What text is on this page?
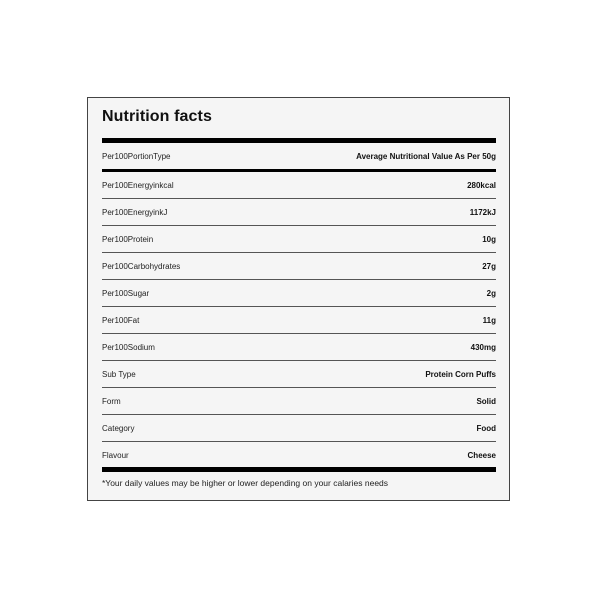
Nutrition facts
Per100PortionType	Average Nutritional Value As Per 50g
Per100Energyinkcal	280kcal
Per100EnergyinkJ	1172kJ
Per100Protein	10g
Per100Carbohydrates	27g
Per100Sugar	2g
Per100Fat	11g
Per100Sodium	430mg
Sub Type	Protein Corn Puffs
Form	Solid
Category	Food
Flavour	Cheese
*Your daily values may be higher or lower depending on your calaries needs
